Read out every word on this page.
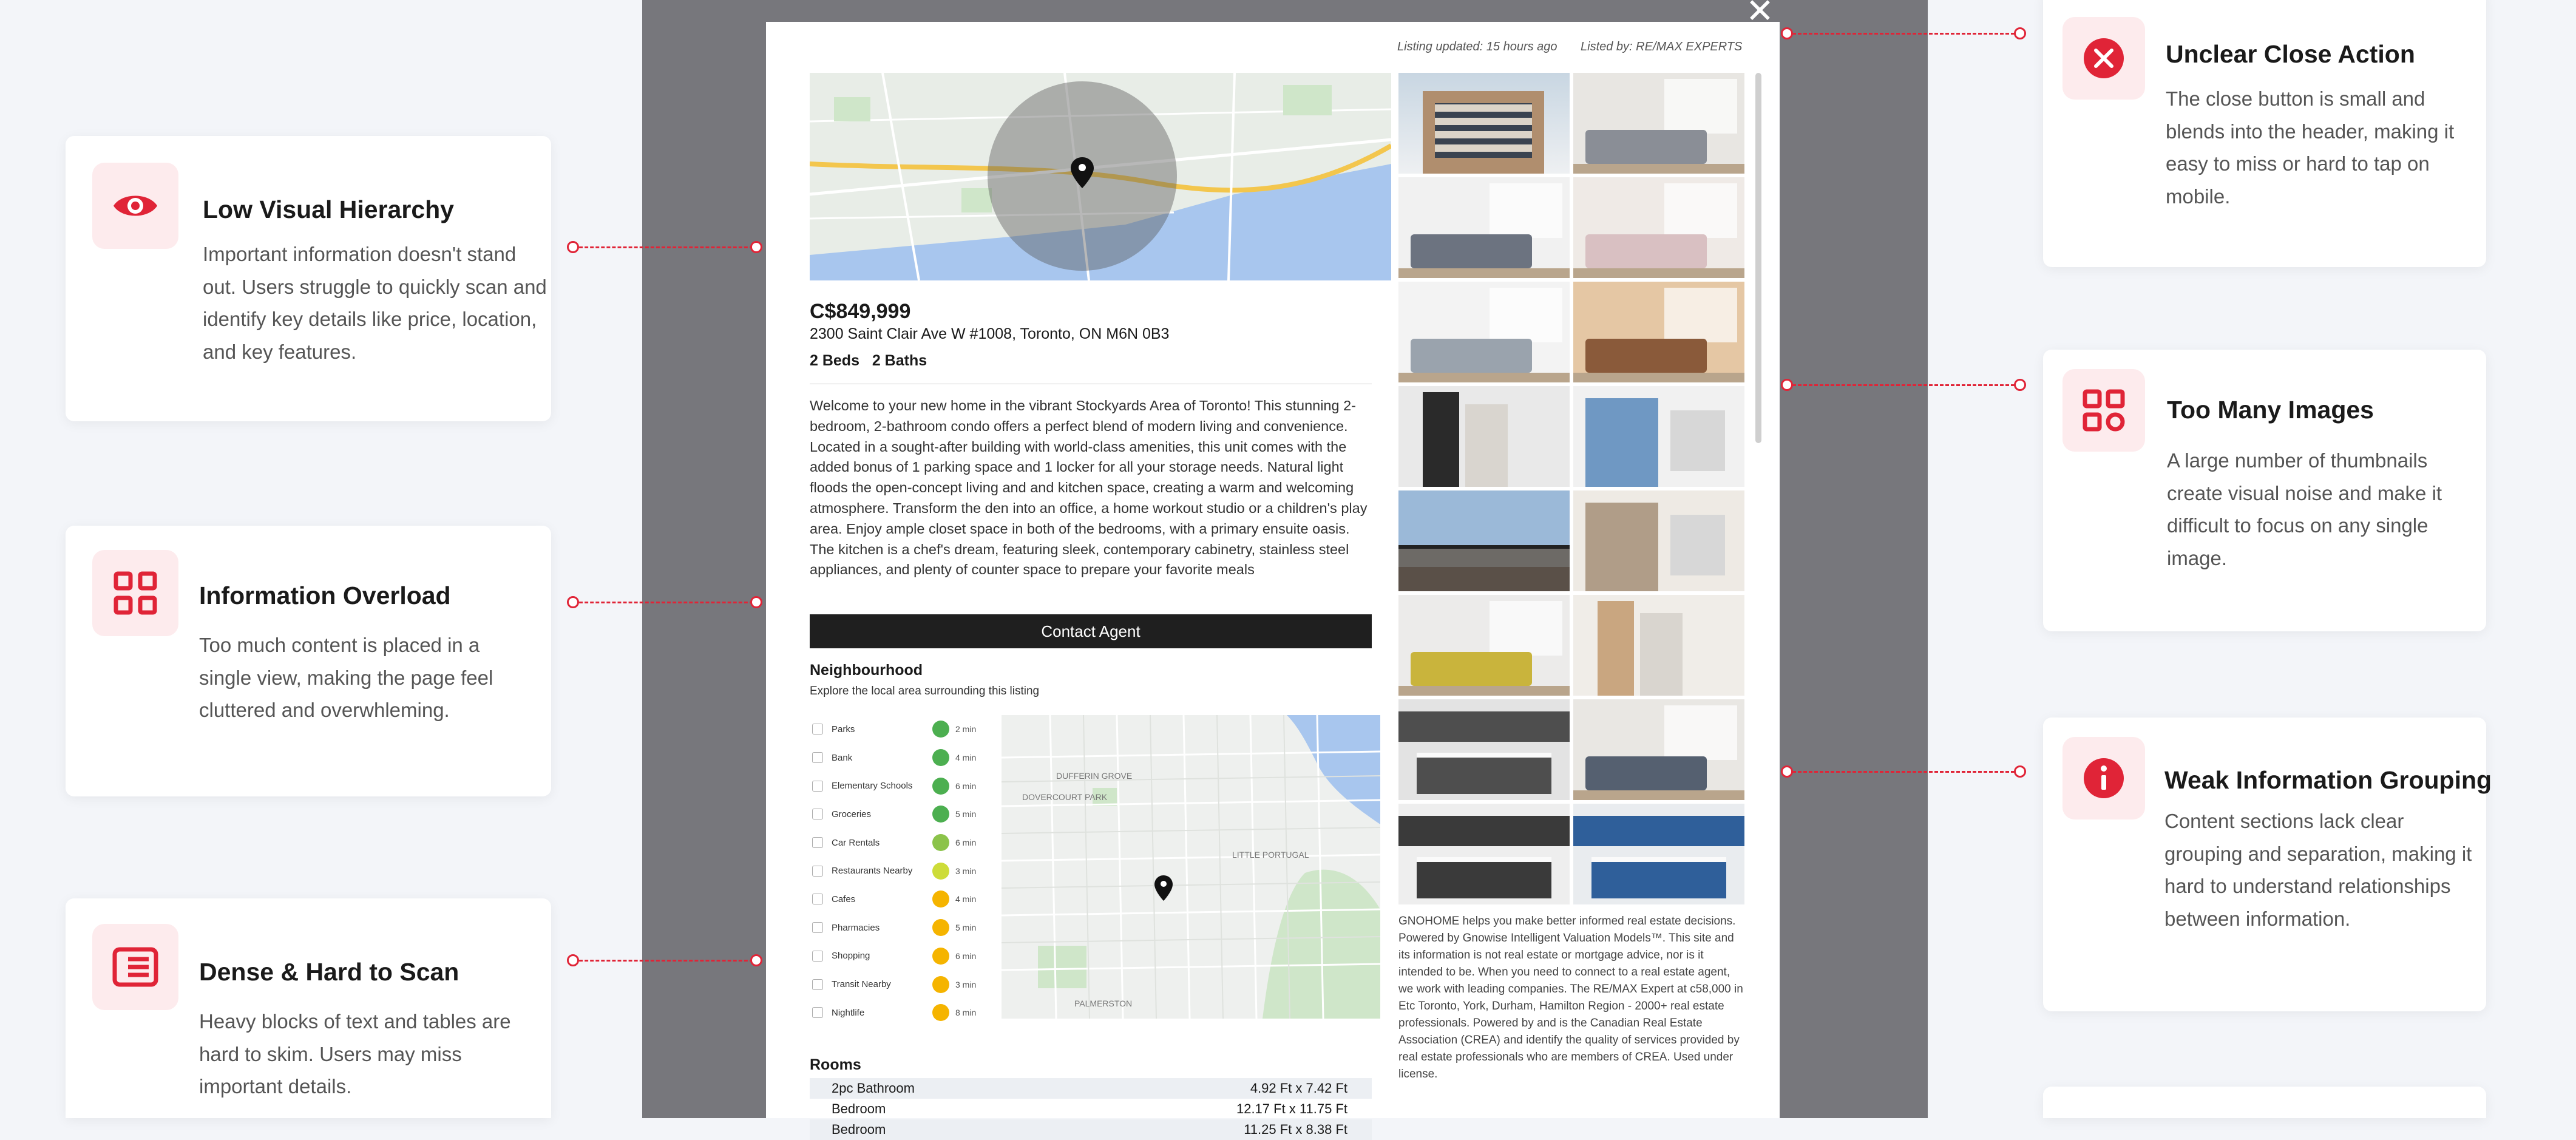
Listing updated: 15 hours ago Listed by: RE/MAX EXPERTS
C$849,999
2300 Saint Clair Ave W #1008, Toronto, ON M6N 0B3
2 Beds 2 Baths

Welcome to your new home in the vibrant Stockyards Area of Toronto! This stunning 2-bedroom, 2-bathroom condo offers a perfect blend of modern living and convenience. Located in a sought-after building with world-class amenities, this unit comes with the added bonus of 1 parking space and 1 locker for all your storage needs. Natural light floods the open-concept living and and kitchen space, creating a warm and welcoming atmosphere. Transform the den into an office, a home workout studio or a children's play area. Enjoy ample closet space in both of the bedrooms, with a primary ensuite oasis. The kitchen is a chef's dream, featuring sleek, contemporary cabinetry, stainless steel appliances, and plenty of counter space to prepare your favorite meals

Contact Agent
Neighbourhood
Explore the local area surrounding this listing
Parks	2 min
Bank	4 min
Elementary Schools	6 min
Groceries	5 min
Car Rentals	6 min
Restaurants Nearby	3 min
Cafes	4 min
Pharmacies	5 min
Shopping	6 min
Transit Nearby	3 min
Nightlife	8 min
DUFFERIN GROVE
DOVERCOURT PARK
LITTLE PORTUGAL
PALMERSTON
Rooms
2pc Bathroom	4.92 Ft x 7.42 Ft
Bedroom	12.17 Ft x 11.75 Ft
Bedroom	11.25 Ft x 8.38 Ft

GNOHOME helps you make better informed real estate decisions. Powered by Gnowise Intelligent Valuation Models™. This site and its information is not real estate or mortgage advice, nor is it intended to be. When you need to connect to a real estate agent, we work with leading companies. The RE/MAX Expert at c58,000 in Etc Toronto, York, Durham, Hamilton Region - 2000+ real estate professionals. Powered by and is the Canadian Real Estate Association (CREA) and identify the quality of services provided by real estate professionals who are members of CREA. Used under license.

✕
Low Visual Hierarchy

Important information doesn't stand out. Users struggle to quickly scan and identify key details like price, location, and key features.

Information Overload

Too much content is placed in a single view, making the page feel cluttered and overwhleming.

Dense & Hard to Scan

Heavy blocks of text and tables are hard to skim. Users may miss important details.

Unclear Close Action

The close button is small and blends into the header, making it easy to miss or hard to tap on mobile.

Too Many Images

A large number of thumbnails create visual noise and make it difficult to focus on any single image.

Weak Information Grouping

Content sections lack clear grouping and separation, making it hard to understand relationships between information.
